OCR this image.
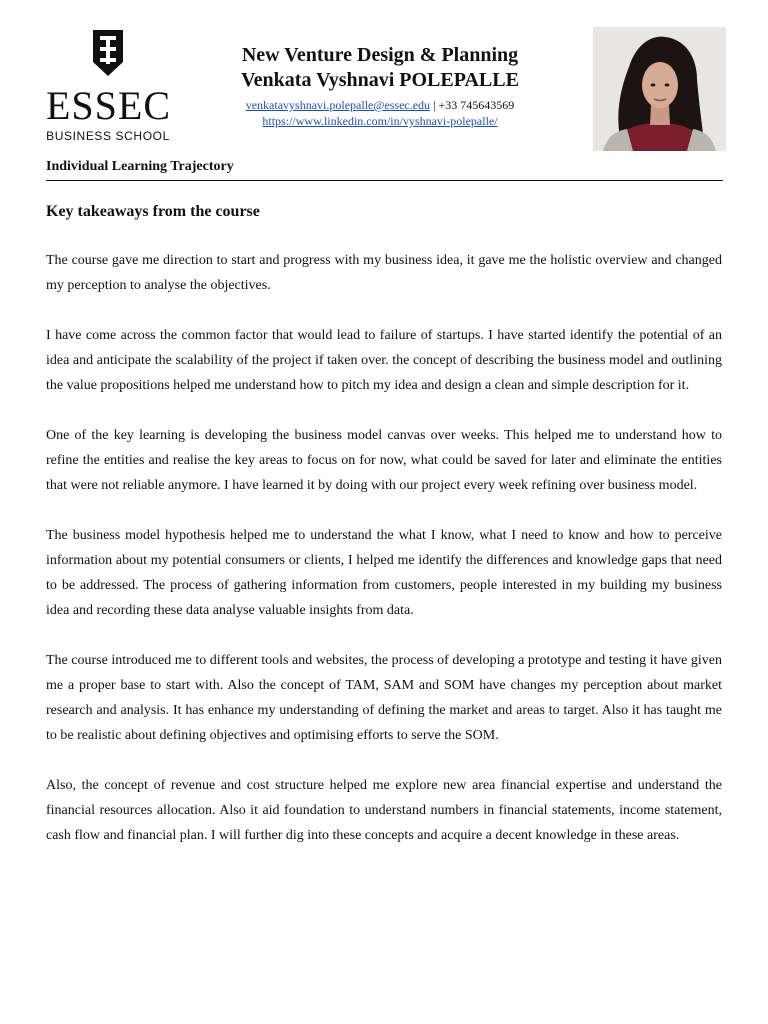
ESSEC
BUSINESS SCHOOL
New Venture Design & Planning
Venkata Vyshnavi POLEPALLE
venkatavyshnavi.polepalle@essec.edu | +33 745643569
https://www.linkedin.com/in/vyshnavi-polepalle/
Individual Learning Trajectory
Key takeaways from the course

The course gave me direction to start and progress with my business idea, it gave me the holistic overview and changed my perception to analyse the objectives.

I have come across the common factor that would lead to failure of startups. I have started identify the potential of an idea and anticipate the scalability of the project if taken over. the concept of describing the business model and outlining the value propositions helped me understand how to pitch my idea and design a clean and simple description for it.

One of the key learning is developing the business model canvas over weeks. This helped me to understand how to refine the entities and realise the key areas to focus on for now, what could be saved for later and eliminate the entities that were not reliable anymore. I have learned it by doing with our project every week refining over business model.

The business model hypothesis helped me to understand the what I know, what I need to know and how to perceive information about my potential consumers or clients, I helped me identify the differences and knowledge gaps that need to be addressed. The process of gathering information from customers, people interested in my building my business idea and recording these data analyse valuable insights from data.

The course introduced me to different tools and websites, the process of developing a prototype and testing it have given me a proper base to start with. Also the concept of TAM, SAM and SOM have changes my perception about market research and analysis. It has enhance my understanding of defining the market and areas to target. Also it has taught me to be realistic about defining objectives and optimising efforts to serve the SOM.

Also, the concept of revenue and cost structure helped me explore new area financial expertise and understand the financial resources allocation. Also it aid foundation to understand numbers in financial statements, income statement, cash flow and financial plan. I will further dig into these concepts and acquire a decent knowledge in these areas.
